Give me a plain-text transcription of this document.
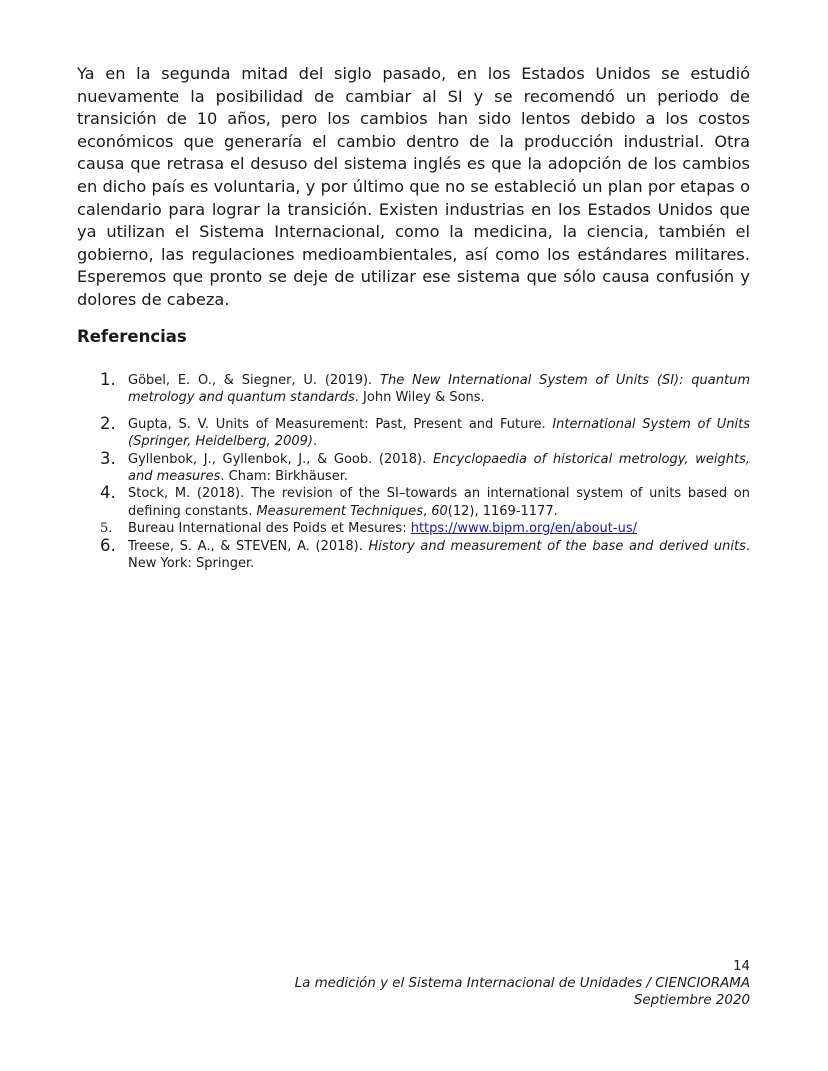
Ya en la segunda mitad del siglo pasado, en los Estados Unidos se estudió nuevamente la posibilidad de cambiar al SI y se recomendó un periodo de transición de 10 años, pero los cambios han sido lentos debido a los costos económicos que generaría el cambio dentro de la producción industrial. Otra causa que retrasa el desuso del sistema inglés es que la adopción de los cambios en dicho país es voluntaria, y por último que no se estableció un plan por etapas o calendario para lograr la transición. Existen industrias en los Estados Unidos que ya utilizan el Sistema Internacional, como la medicina, la ciencia, también el gobierno, las regulaciones medioambientales, así como los estándares militares. Esperemos que pronto se deje de utilizar ese sistema que sólo causa confusión y dolores de cabeza.

Referencias
1. Göbel, E. O., & Siegner, U. (2019). The New International System of Units (SI): quantum metrology and quantum standards. John Wiley & Sons.
2. Gupta, S. V. Units of Measurement: Past, Present and Future. International System of Units (Springer, Heidelberg, 2009).
3. Gyllenbok, J., Gyllenbok, J., & Goob. (2018). Encyclopaedia of historical metrology, weights, and measures. Cham: Birkhäuser.
4. Stock, M. (2018). The revision of the SI–towards an international system of units based on defining constants. Measurement Techniques, 60(12), 1169-1177.
5. Bureau International des Poids et Mesures: https://www.bipm.org/en/about-us/
6. Treese, S. A., & STEVEN, A. (2018). History and measurement of the base and derived units. New York: Springer.
14
La medición y el Sistema Internacional de Unidades / CIENCIORAMA
Septiembre 2020
